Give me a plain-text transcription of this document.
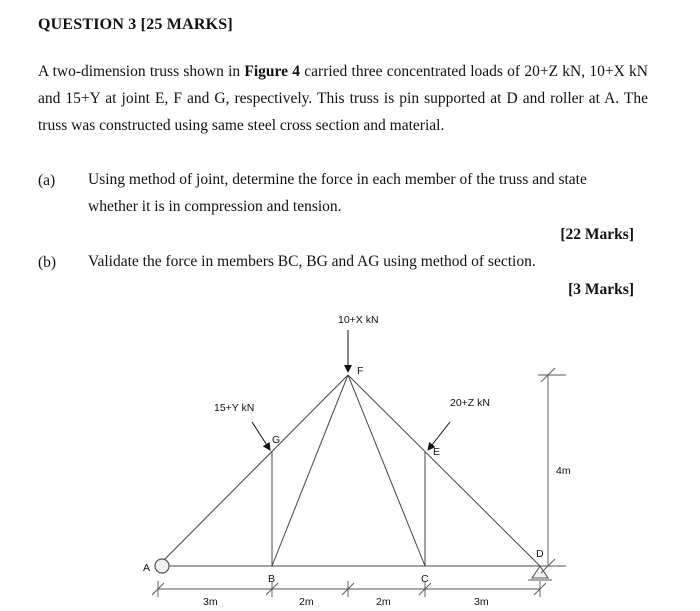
QUESTION 3 [25 MARKS]
A two-dimension truss shown in Figure 4 carried three concentrated loads of 20+Z kN, 10+X kN and 15+Y at joint E, F and G, respectively. This truss is pin supported at D and roller at A. The truss was constructed using same steel cross section and material.
(a) Using method of joint, determine the force in each member of the truss and state
whether it is in compression and tension.
[22 Marks]
(b) Validate the force in members BC, BG and AG using method of section.
[3 Marks]
10+X kN
15+Y kN	20+Z kN
A
B	C
D
E
F
G
3m	2m	2m	3m
4m
